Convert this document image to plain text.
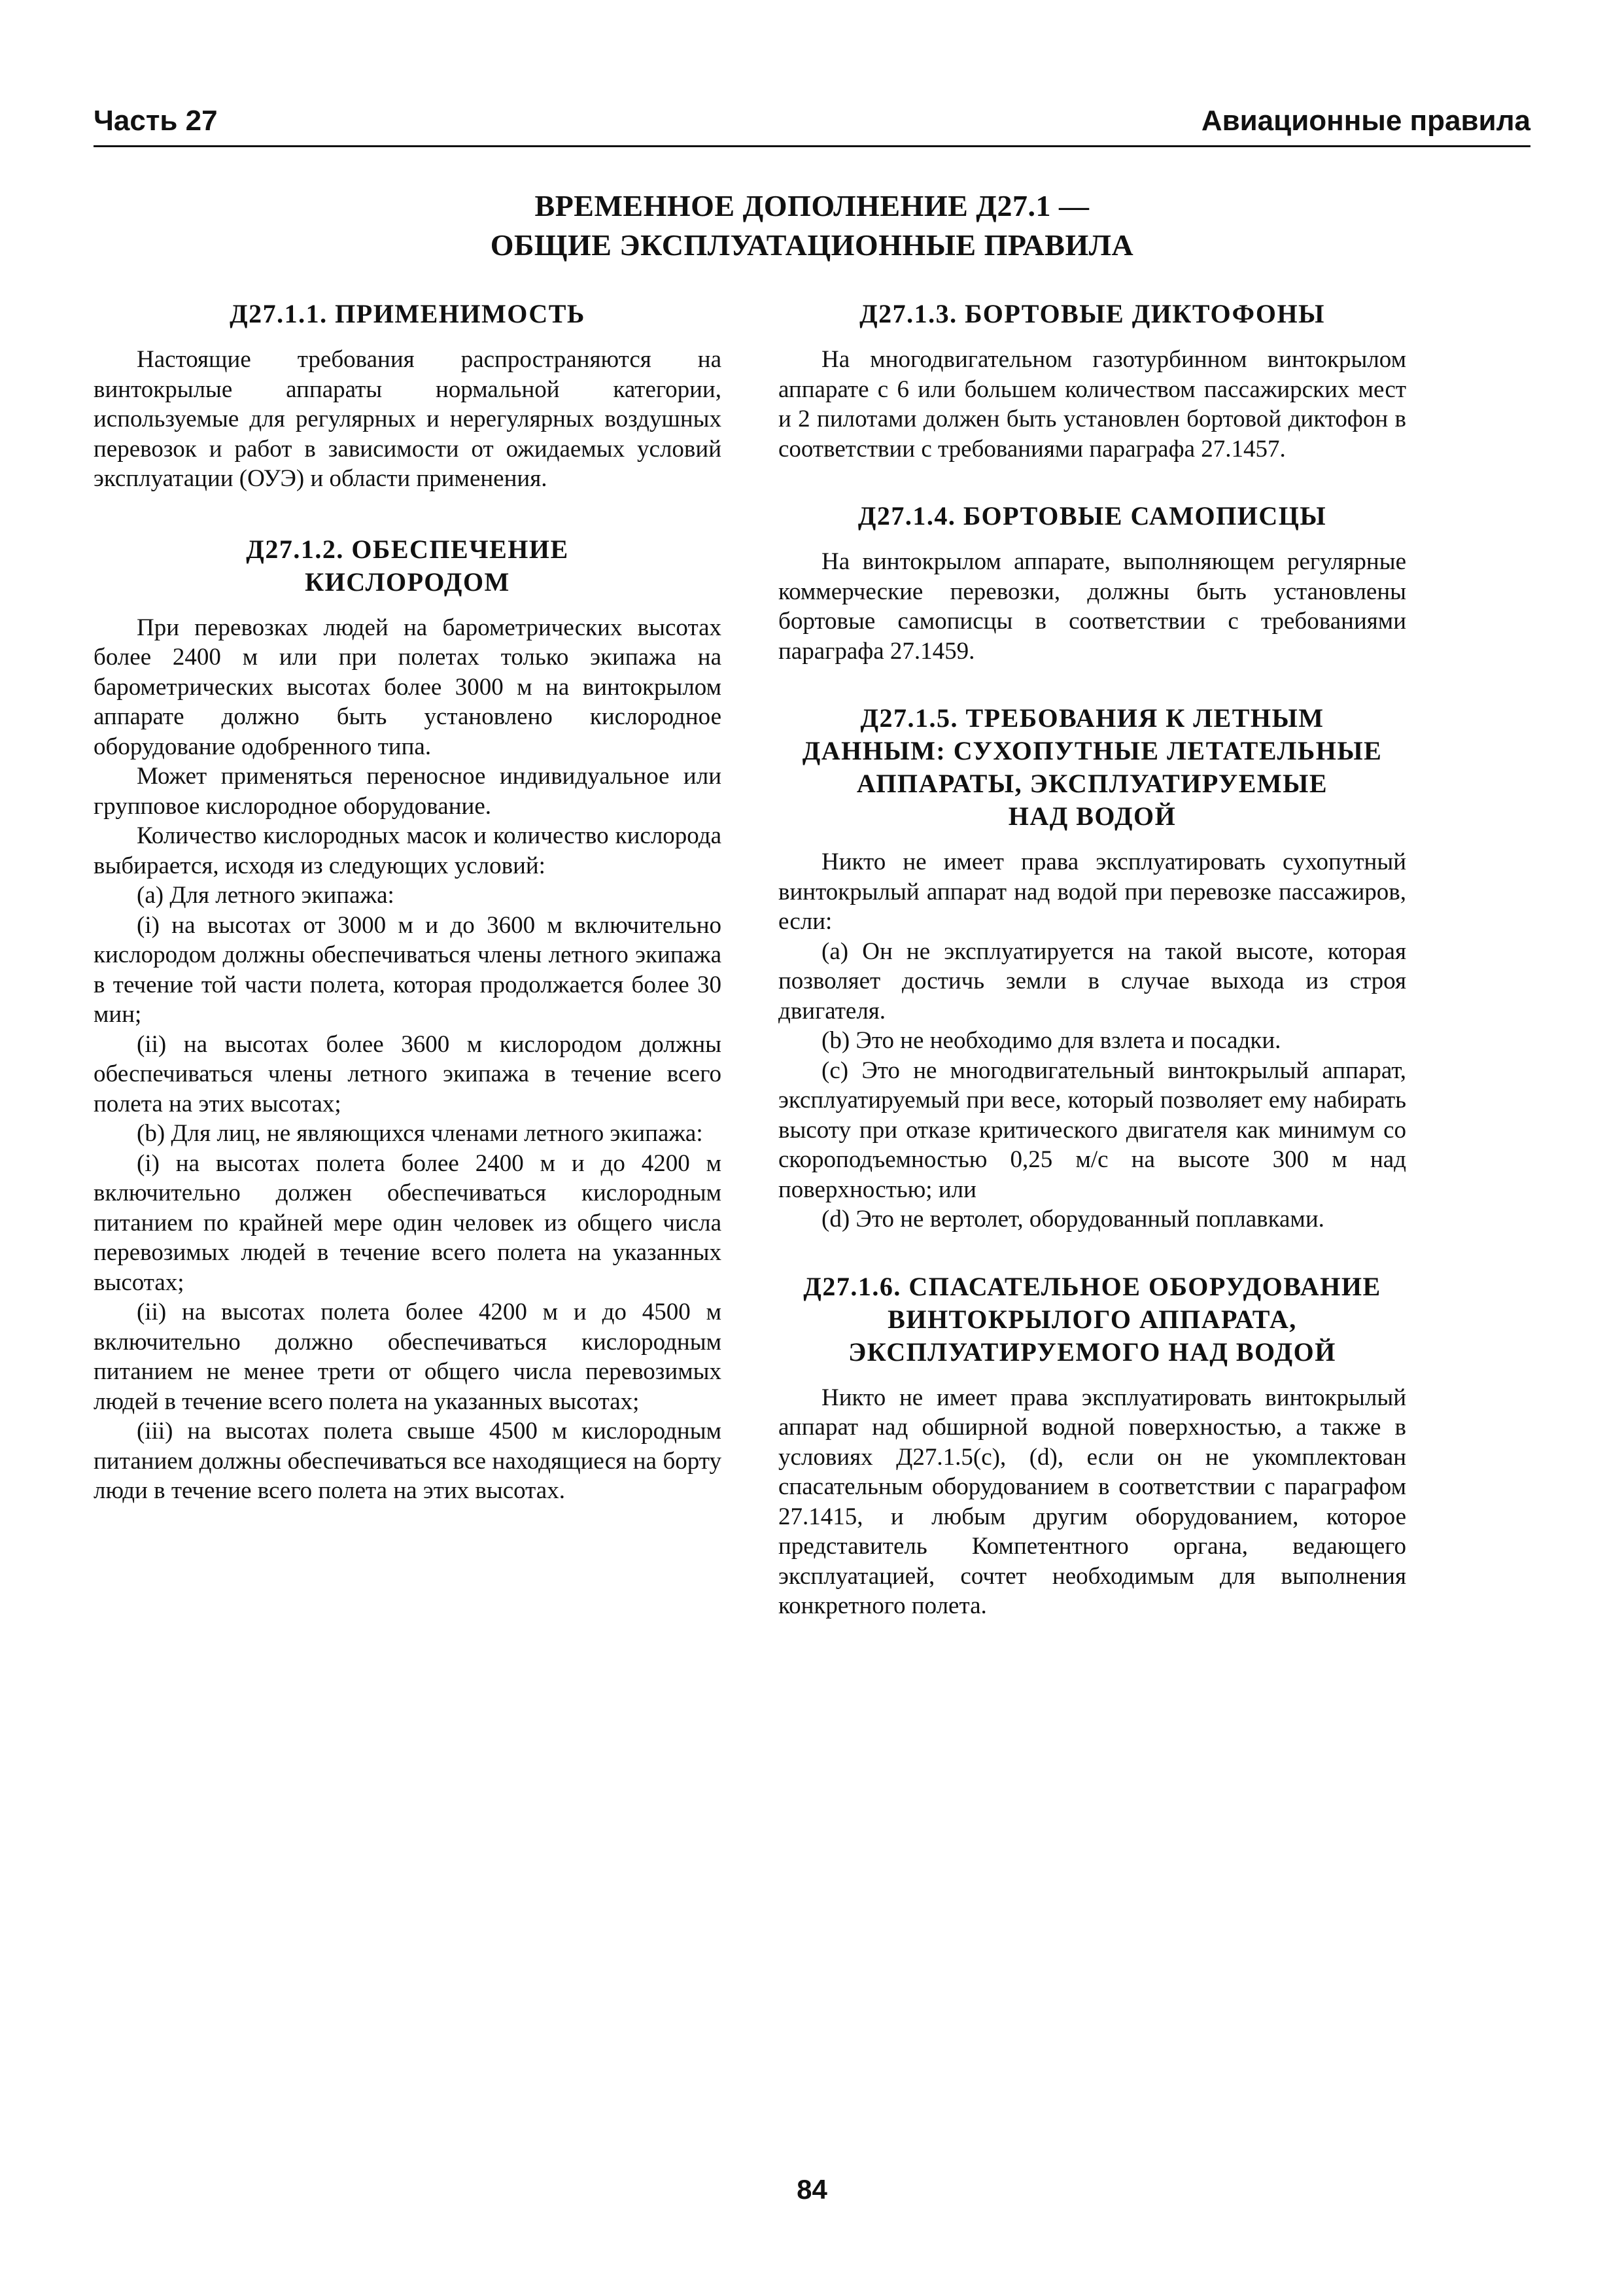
Часть 27	Авиационные правила
ВРЕМЕННОЕ ДОПОЛНЕНИЕ Д27.1 —
ОБЩИЕ ЭКСПЛУАТАЦИОННЫЕ ПРАВИЛА
Д27.1.1. ПРИМЕНИМОСТЬ

Настоящие требования распространяются на винтокрылые аппараты нормальной категории, используемые для регулярных и нерегулярных воздушных перевозок и работ в зависимости от ожидаемых условий эксплуатации (ОУЭ) и области применения.

Д27.1.2. ОБЕСПЕЧЕНИЕ
КИСЛОРОДОМ

При перевозках людей на барометрических высотах более 2400 м или при полетах только экипажа на барометрических высотах более 3000 м на винтокрылом аппарате должно быть установлено кислородное оборудование одобренного типа.

Может применяться переносное индивидуальное или групповое кислородное оборудование.

Количество кислородных масок и количество кислорода выбирается, исходя из следующих условий:

(a) Для летного экипажа:

(i) на высотах от 3000 м и до 3600 м включительно кислородом должны обеспечиваться члены летного экипажа в течение той части полета, которая продолжается более 30 мин;

(ii) на высотах более 3600 м кислородом должны обеспечиваться члены летного экипажа в течение всего полета на этих высотах;

(b) Для лиц, не являющихся членами летного экипажа:

(i) на высотах полета более 2400 м и до 4200 м включительно должен обеспечиваться кислородным питанием по крайней мере один человек из общего числа перевозимых людей в течение всего полета на указанных высотах;

(ii) на высотах полета более 4200 м и до 4500 м включительно должно обеспечиваться кислородным питанием не менее трети от общего числа перевозимых людей в течение всего полета на указанных высотах;

(iii) на высотах полета свыше 4500 м кислородным питанием должны обеспечиваться все находящиеся на борту люди в течение всего полета на этих высотах.

Д27.1.3. БОРТОВЫЕ ДИКТОФОНЫ

На многодвигательном газотурбинном винтокрылом аппарате с 6 или большем количеством пассажирских мест и 2 пилотами должен быть установлен бортовой диктофон в соответствии с требованиями параграфа 27.1457.

Д27.1.4. БОРТОВЫЕ САМОПИСЦЫ

На винтокрылом аппарате, выполняющем регулярные коммерческие перевозки, должны быть установлены бортовые самописцы в соответствии с требованиями параграфа 27.1459.

Д27.1.5. ТРЕБОВАНИЯ К ЛЕТНЫМ
ДАННЫМ: СУХОПУТНЫЕ ЛЕТАТЕЛЬНЫЕ
АППАРАТЫ, ЭКСПЛУАТИРУЕМЫЕ
НАД ВОДОЙ

Никто не имеет права эксплуатировать сухопутный винтокрылый аппарат над водой при перевозке пассажиров, если:

(a) Он не эксплуатируется на такой высоте, которая позволяет достичь земли в случае выхода из строя двигателя.

(b) Это не необходимо для взлета и посадки.

(c) Это не многодвигательный винтокрылый аппарат, эксплуатируемый при весе, который позволяет ему набирать высоту при отказе критического двигателя как минимум со скороподъемностью 0,25 м/с на высоте 300 м над поверхностью; или

(d) Это не вертолет, оборудованный поплавками.

Д27.1.6. СПАСАТЕЛЬНОЕ ОБОРУДОВАНИЕ
ВИНТОКРЫЛОГО АППАРАТА,
ЭКСПЛУАТИРУЕМОГО НАД ВОДОЙ

Никто не имеет права эксплуатировать винтокрылый аппарат над обширной водной поверхностью, а также в условиях Д27.1.5(c), (d), если он не укомплектован спасательным оборудованием в соответствии с параграфом 27.1415, и любым другим оборудованием, которое представитель Компетентного органа, ведающего эксплуатацией, сочтет необходимым для выполнения конкретного полета.

84
